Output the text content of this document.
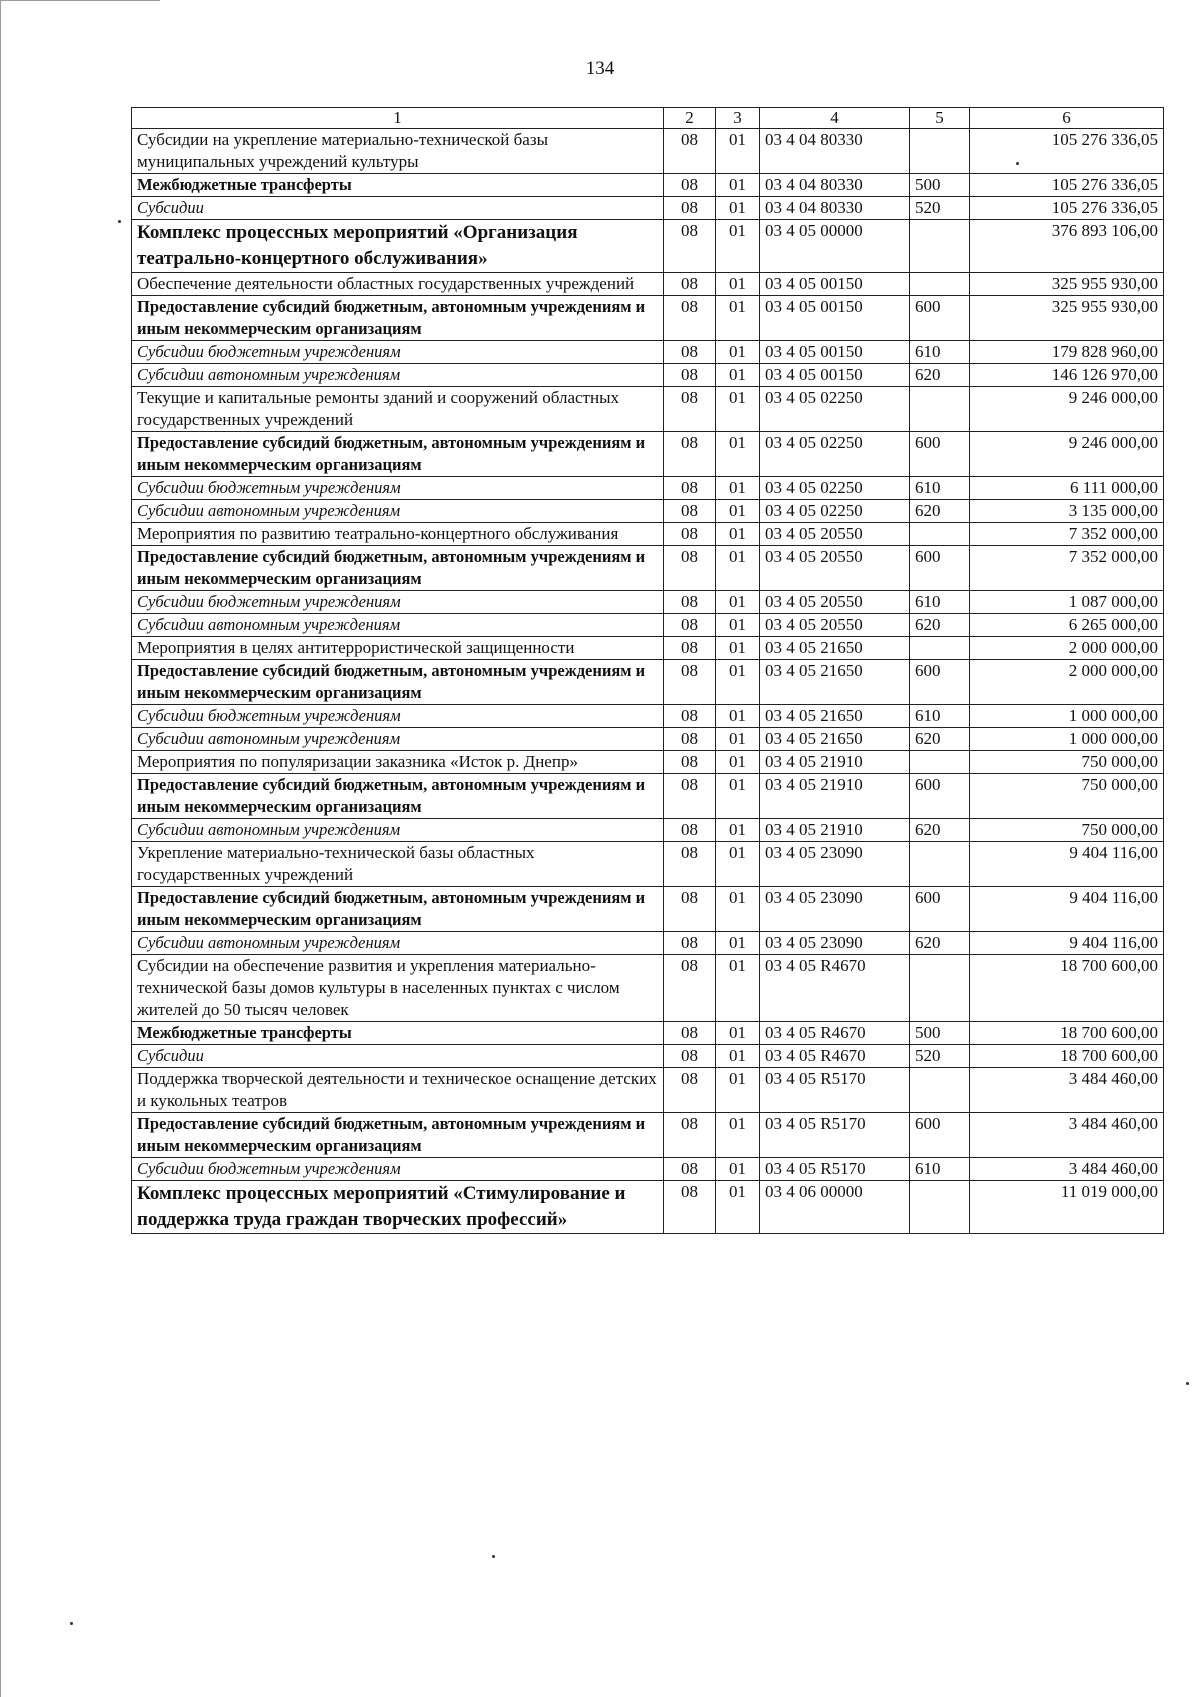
134
1	2	3	4	5	6
Субсидии на укрепление материально-технической базы муниципальных учреждений культуры	08	01	03 4 04 80330		105 276 336,05
Межбюджетные трансферты	08	01	03 4 04 80330	500	105 276 336,05
Субсидии	08	01	03 4 04 80330	520	105 276 336,05
Комплекс процессных мероприятий «Организация театрально-концертного обслуживания»	08	01	03 4 05 00000		376 893 106,00
Обеспечение деятельности областных государственных учреждений	08	01	03 4 05 00150		325 955 930,00
Предоставление субсидий бюджетным, автономным учреждениям и иным некоммерческим организациям	08	01	03 4 05 00150	600	325 955 930,00
Субсидии бюджетным учреждениям	08	01	03 4 05 00150	610	179 828 960,00
Субсидии автономным учреждениям	08	01	03 4 05 00150	620	146 126 970,00
Текущие и капитальные ремонты зданий и сооружений областных государственных учреждений	08	01	03 4 05 02250		9 246 000,00
Предоставление субсидий бюджетным, автономным учреждениям и иным некоммерческим организациям	08	01	03 4 05 02250	600	9 246 000,00
Субсидии бюджетным учреждениям	08	01	03 4 05 02250	610	6 111 000,00
Субсидии автономным учреждениям	08	01	03 4 05 02250	620	3 135 000,00
Мероприятия по развитию театрально-концертного обслуживания	08	01	03 4 05 20550		7 352 000,00
Предоставление субсидий бюджетным, автономным учреждениям и иным некоммерческим организациям	08	01	03 4 05 20550	600	7 352 000,00
Субсидии бюджетным учреждениям	08	01	03 4 05 20550	610	1 087 000,00
Субсидии автономным учреждениям	08	01	03 4 05 20550	620	6 265 000,00
Мероприятия в целях антитеррористической защищенности	08	01	03 4 05 21650		2 000 000,00
Предоставление субсидий бюджетным, автономным учреждениям и иным некоммерческим организациям	08	01	03 4 05 21650	600	2 000 000,00
Субсидии бюджетным учреждениям	08	01	03 4 05 21650	610	1 000 000,00
Субсидии автономным учреждениям	08	01	03 4 05 21650	620	1 000 000,00
Мероприятия по популяризации заказника «Исток р. Днепр»	08	01	03 4 05 21910		750 000,00
Предоставление субсидий бюджетным, автономным учреждениям и иным некоммерческим организациям	08	01	03 4 05 21910	600	750 000,00
Субсидии автономным учреждениям	08	01	03 4 05 21910	620	750 000,00
Укрепление материально-технической базы областных государственных учреждений	08	01	03 4 05 23090		9 404 116,00
Предоставление субсидий бюджетным, автономным учреждениям и иным некоммерческим организациям	08	01	03 4 05 23090	600	9 404 116,00
Субсидии автономным учреждениям	08	01	03 4 05 23090	620	9 404 116,00
Субсидии на обеспечение развития и укрепления материально-технической базы домов культуры в населенных пунктах с числом жителей до 50 тысяч человек	08	01	03 4 05 R4670		18 700 600,00
Межбюджетные трансферты	08	01	03 4 05 R4670	500	18 700 600,00
Субсидии	08	01	03 4 05 R4670	520	18 700 600,00
Поддержка творческой деятельности и техническое оснащение детских и кукольных театров	08	01	03 4 05 R5170		3 484 460,00
Предоставление субсидий бюджетным, автономным учреждениям и иным некоммерческим организациям	08	01	03 4 05 R5170	600	3 484 460,00
Субсидии бюджетным учреждениям	08	01	03 4 05 R5170	610	3 484 460,00
Комплекс процессных мероприятий «Стимулирование и поддержка труда граждан творческих профессий»	08	01	03 4 06 00000		11 019 000,00
